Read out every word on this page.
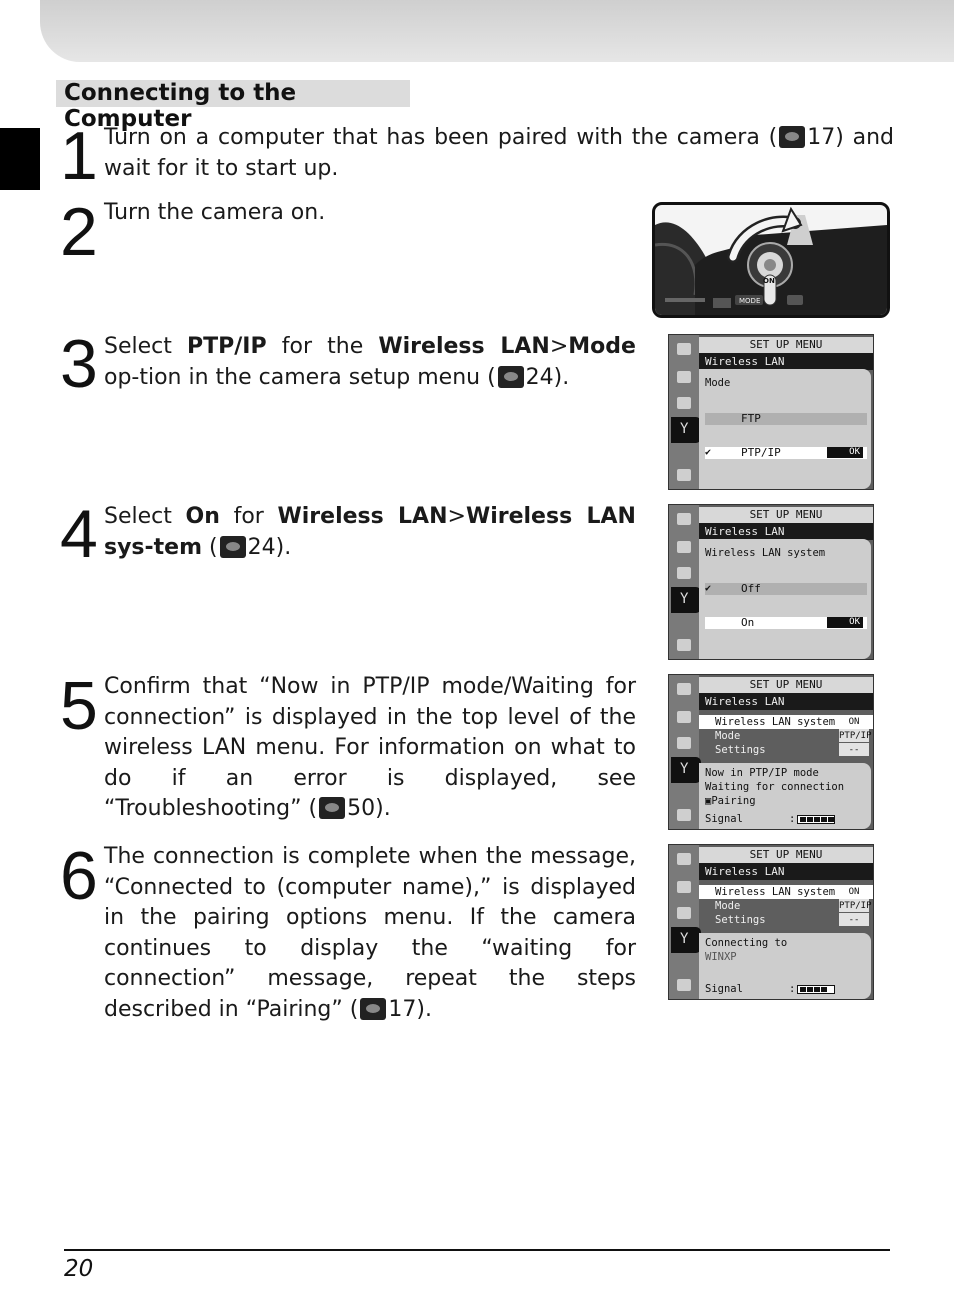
Connecting to the Computer
1 Turn on a computer that has been paired with the camera ( 17) and wait for it to start up.
2 Turn the camera on.
ON
MODE
3 Select PTP/IP for the Wireless LAN>Mode op-tion in the camera setup menu ( 24).
Y
SET UP MENU
Wireless LAN
Mode
FTP
PTP/IP	OK
✔
4 Select On for Wireless LAN>Wireless LAN sys-tem ( 24).
Y
SET UP MENU
Wireless LAN
Wireless LAN system
Off
✔
On	OK
5 Confirm that “Now in PTP/IP mode/Waiting for connection” is displayed in the top level of the wireless LAN menu. For information on what to do if an error is displayed, see “Troubleshooting” ( 50).
Y
SET UP MENU
Wireless LAN
Wireless LAN system	ON
Mode	PTP/IP
Settings	--
Now in PTP/IP mode
Waiting for connection
▣Pairing
Signal	:
6 The connection is complete when the message, “Connected to (computer name),” is displayed in the pairing options menu. If the camera continues to display the “waiting for connection” message, repeat the steps described in “Pairing” ( 17).
Y
SET UP MENU
Wireless LAN
Wireless LAN system	ON
Mode	PTP/IP
Settings	--
Connecting to
WINXP
Signal	:
20
